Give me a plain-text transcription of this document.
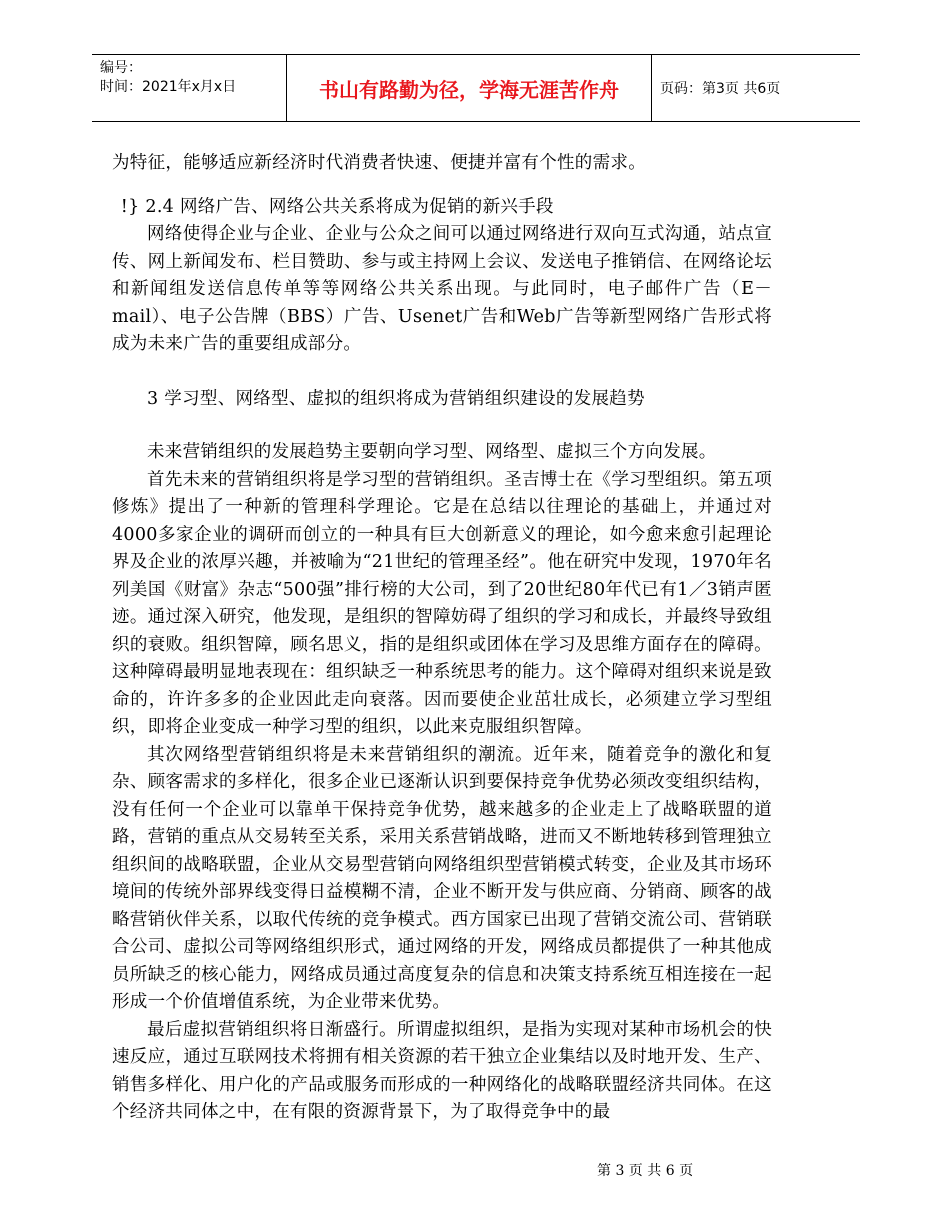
编号：
时间：2021年x月x日	书山有路勤为径，学海无涯苦作舟	页码：第3页 共6页

为特征，能够适应新经济时代消费者快速、便捷并富有个性的需求。

!} 2.4 网络广告、网络公共关系将成为促销的新兴手段

网络使得企业与企业、企业与公众之间可以通过网络进行双向互式沟通，站点宣传、网上新闻发布、栏目赞助、参与或主持网上会议、发送电子推销信、在网络论坛和新闻组发送信息传单等等网络公共关系出现。与此同时，电子邮件广告（E－mail）、电子公告牌（BBS）广告、Usenet广告和Web广告等新型网络广告形式将成为未来广告的重要组成部分。

3 学习型、网络型、虚拟的组织将成为营销组织建设的发展趋势

未来营销组织的发展趋势主要朝向学习型、网络型、虚拟三个方向发展。

首先未来的营销组织将是学习型的营销组织。圣吉博士在《学习型组织。第五项修炼》提出了一种新的管理科学理论。它是在总结以往理论的基础上，并通过对4000多家企业的调研而创立的一种具有巨大创新意义的理论，如今愈来愈引起理论界及企业的浓厚兴趣，并被喻为“21世纪的管理圣经”。他在研究中发现，1970年名列美国《财富》杂志“500强”排行榜的大公司，到了20世纪80年代已有1／3销声匿迹。通过深入研究，他发现，是组织的智障妨碍了组织的学习和成长，并最终导致组织的衰败。组织智障，顾名思义，指的是组织或团体在学习及思维方面存在的障碍。这种障碍最明显地表现在：组织缺乏一种系统思考的能力。这个障碍对组织来说是致命的，许许多多的企业因此走向衰落。因而要使企业茁壮成长，必须建立学习型组织，即将企业变成一种学习型的组织，以此来克服组织智障。

其次网络型营销组织将是未来营销组织的潮流。近年来，随着竞争的激化和复杂、顾客需求的多样化，很多企业已逐渐认识到要保持竞争优势必须改变组织结构，没有任何一个企业可以靠单干保持竞争优势，越来越多的企业走上了战略联盟的道路，营销的重点从交易转至关系，采用关系营销战略，进而又不断地转移到管理独立组织间的战略联盟，企业从交易型营销向网络组织型营销模式转变，企业及其市场环境间的传统外部界线变得日益模糊不清，企业不断开发与供应商、分销商、顾客的战略营销伙伴关系，以取代传统的竞争模式。西方国家已出现了营销交流公司、营销联合公司、虚拟公司等网络组织形式，通过网络的开发，网络成员都提供了一种其他成员所缺乏的核心能力，网络成员通过高度复杂的信息和决策支持系统互相连接在一起形成一个价值增值系统，为企业带来优势。

最后虚拟营销组织将日渐盛行。所谓虚拟组织，是指为实现对某种市场机会的快速反应，通过互联网技术将拥有相关资源的若干独立企业集结以及时地开发、生产、销售多样化、用户化的产品或服务而形成的一种网络化的战略联盟经济共同体。在这个经济共同体之中，在有限的资源背景下，为了取得竞争中的最

第 3 页 共 6 页
